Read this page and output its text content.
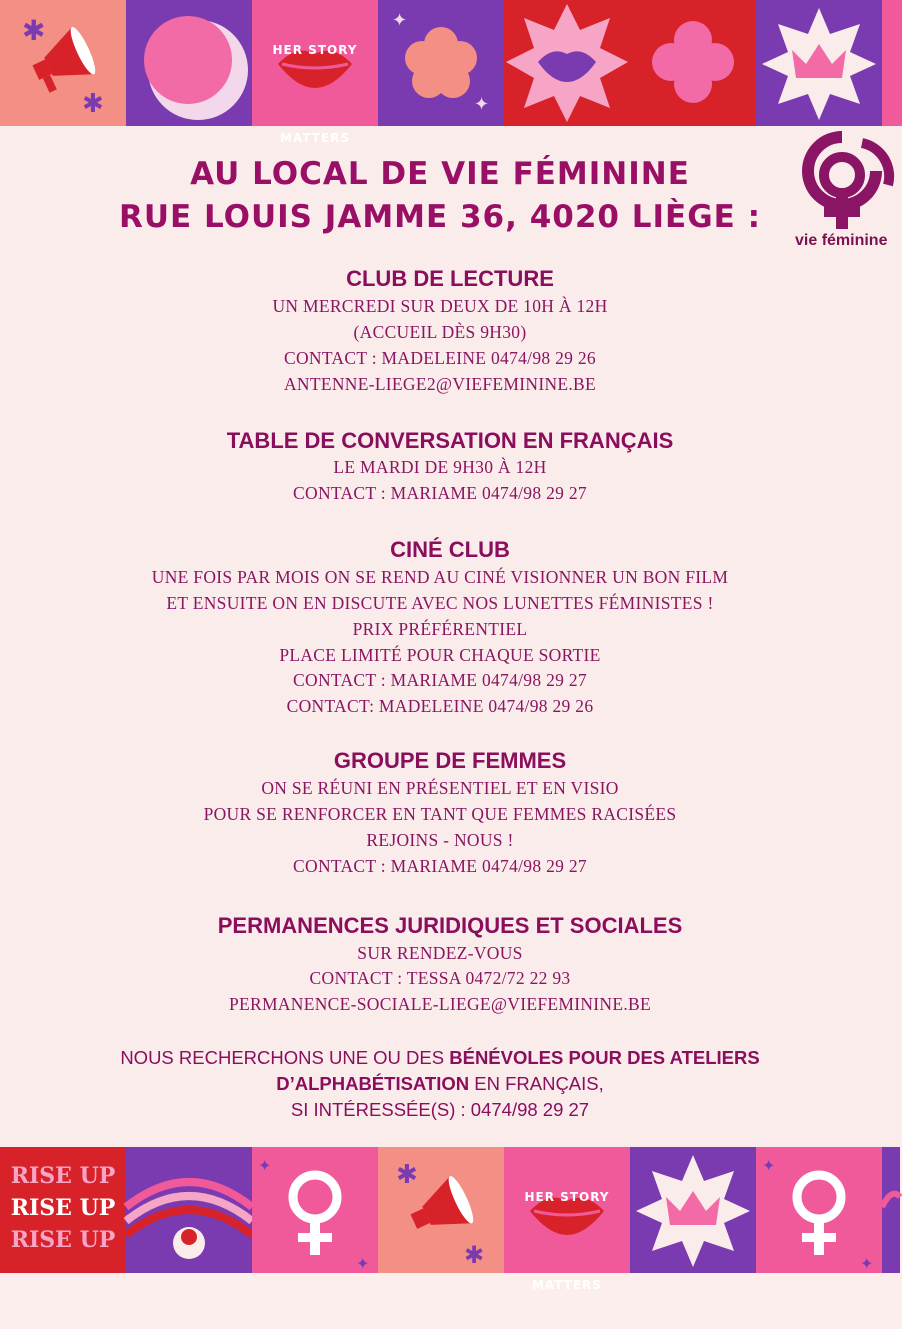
✱
✱
HER STORY MATTERS
✦
✦
AU LOCAL DE VIE FÉMININE
RUE LOUIS JAMME 36, 4020 LIÈGE :
vie féminine
CLUB DE LECTURE
UN MERCREDI SUR DEUX DE 10H À 12H
(ACCUEIL DÈS 9H30)
CONTACT : MADELEINE 0474/98 29 26
ANTENNE-LIEGE2@VIEFEMININE.BE
TABLE DE CONVERSATION EN FRANÇAIS
LE MARDI DE 9H30 À 12H
CONTACT : MARIAME 0474/98 29 27
CINÉ CLUB
UNE FOIS PAR MOIS ON SE REND AU CINÉ VISIONNER UN BON FILM
ET ENSUITE ON EN DISCUTE AVEC NOS LUNETTES FÉMINISTES !
PRIX PRÉFÉRENTIEL
PLACE LIMITÉ POUR CHAQUE SORTIE
CONTACT : MARIAME 0474/98 29 27
CONTACT: MADELEINE 0474/98 29 26
GROUPE DE FEMMES
ON SE RÉUNI EN PRÉSENTIEL ET EN VISIO
POUR SE RENFORCER EN TANT QUE FEMMES RACISÉES
REJOINS - NOUS !
CONTACT : MARIAME 0474/98 29 27
PERMANENCES JURIDIQUES ET SOCIALES
SUR RENDEZ-VOUS
CONTACT : TESSA 0472/72 22 93
PERMANENCE-SOCIALE-LIEGE@VIEFEMININE.BE
NOUS RECHERCHONS UNE OU DES BÉNÉVOLES POUR DES ATELIERS
D’ALPHABÉTISATION EN FRANÇAIS,
SI INTÉRESSÉE(S) : 0474/98 29 27
RISE UP
RISE UP
RISE UP
✦
✦
✱
✱
HER STORY MATTERS
✦
✦
